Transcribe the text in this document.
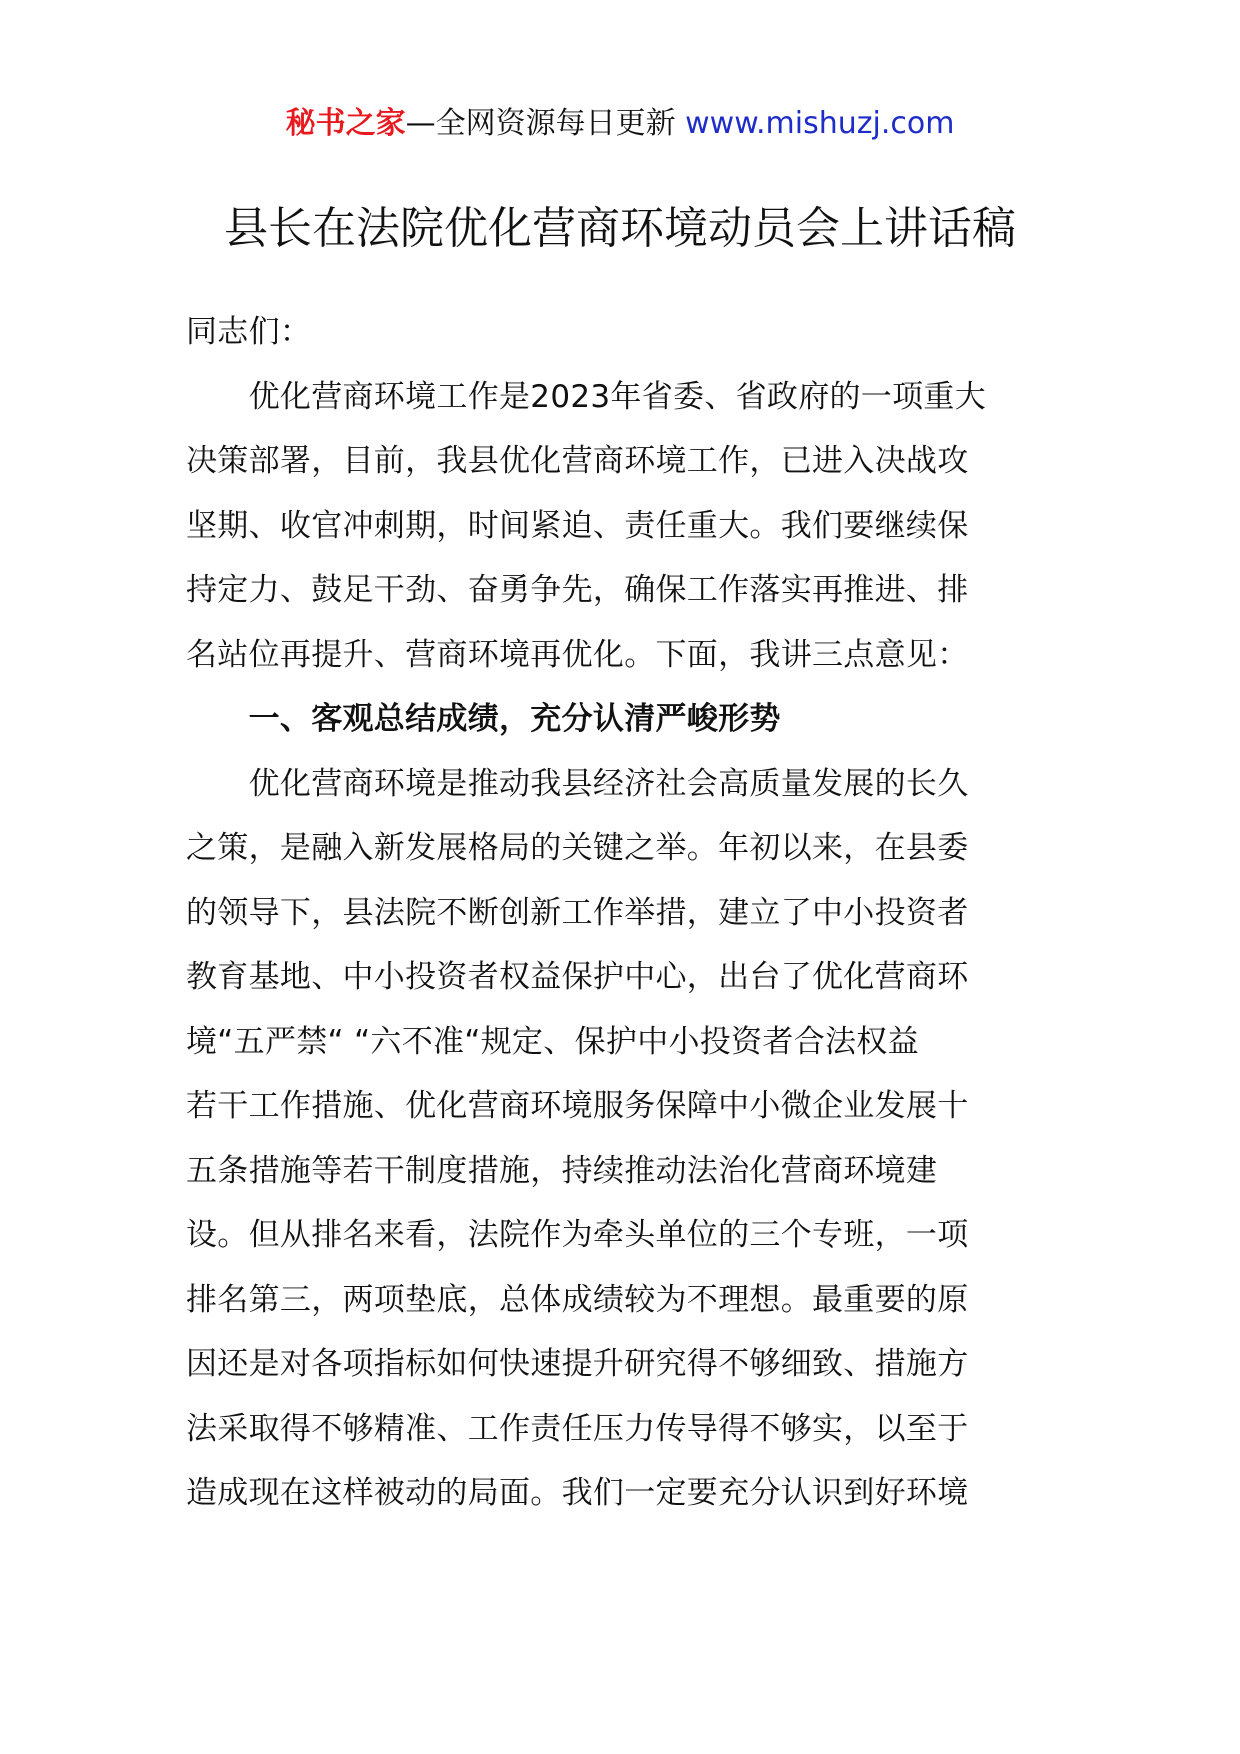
秘书之家—全网资源每日更新 www.mishuzj.com
县长在法院优化营商环境动员会上讲话稿
同志们：
　　优化营商环境工作是2023年省委、省政府的一项重大
决策部署，目前，我县优化营商环境工作，已进入决战攻
坚期、收官冲刺期，时间紧迫、责任重大。我们要继续保
持定力、鼓足干劲、奋勇争先，确保工作落实再推进、排
名站位再提升、营商环境再优化。下面，我讲三点意见：
　　一、客观总结成绩，充分认清严峻形势
　　优化营商环境是推动我县经济社会高质量发展的长久
之策，是融入新发展格局的关键之举。年初以来，在县委
的领导下，县法院不断创新工作举措，建立了中小投资者
教育基地、中小投资者权益保护中心，出台了优化营商环
境“五严禁“ “六不准“规定、保护中小投资者合法权益
若干工作措施、优化营商环境服务保障中小微企业发展十
五条措施等若干制度措施，持续推动法治化营商环境建
设。但从排名来看，法院作为牵头单位的三个专班，一项
排名第三，两项垫底，总体成绩较为不理想。最重要的原
因还是对各项指标如何快速提升研究得不够细致、措施方
法采取得不够精准、工作责任压力传导得不够实，以至于
造成现在这样被动的局面。我们一定要充分认识到好环境
